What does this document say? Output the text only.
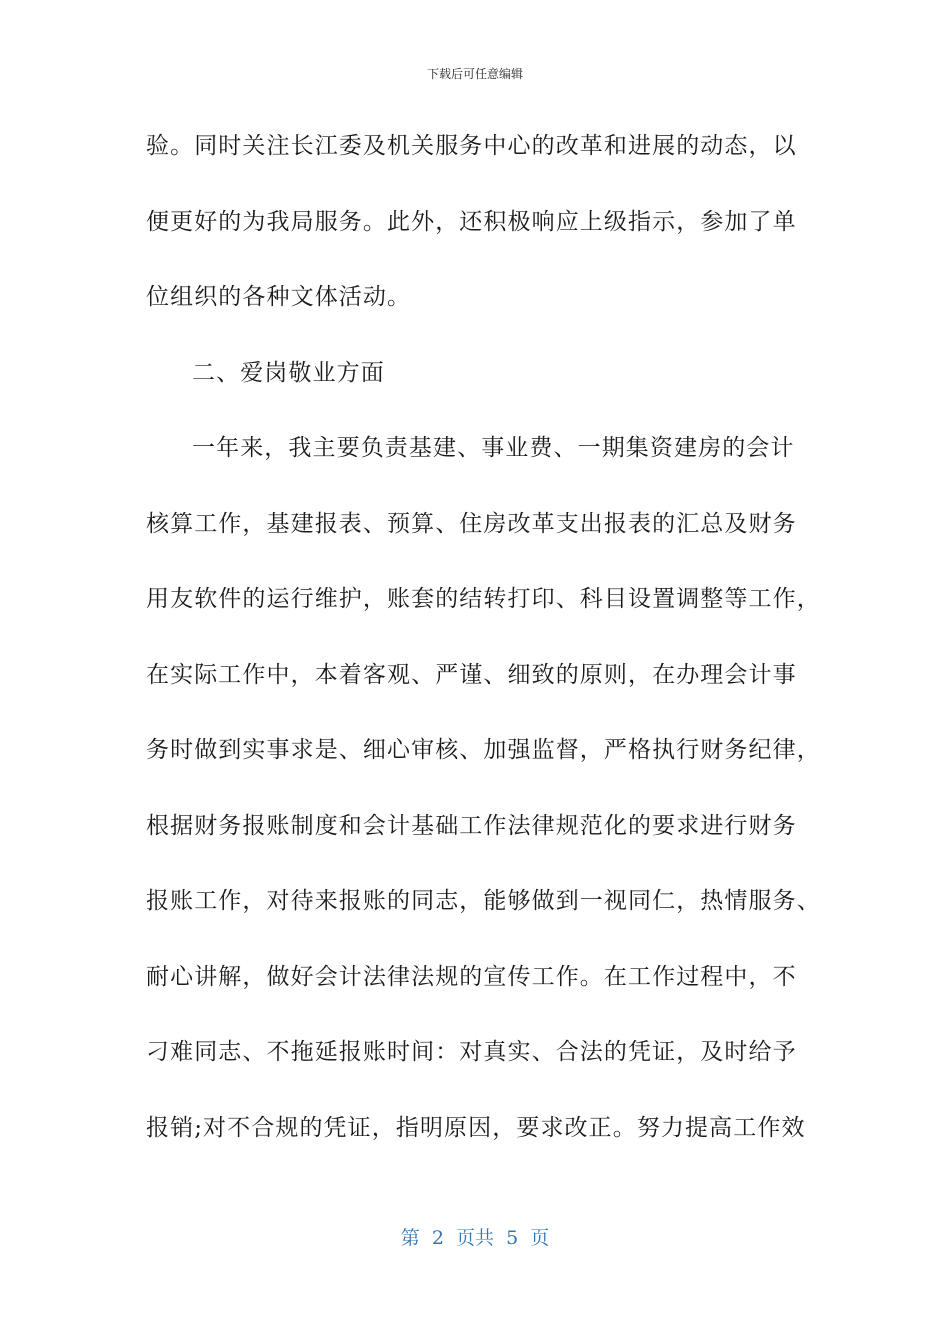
下载后可任意编辑
验。同时关注长江委及机关服务中心的改革和进展的动态，以
便更好的为我局服务。此外，还积极响应上级指示，参加了单
位组织的各种文体活动。
二、爱岗敬业方面
一年来，我主要负责基建、事业费、一期集资建房的会计
核算工作，基建报表、预算、住房改革支出报表的汇总及财务
用友软件的运行维护，账套的结转打印、科目设置调整等工作，
在实际工作中，本着客观、严谨、细致的原则，在办理会计事
务时做到实事求是、细心审核、加强监督，严格执行财务纪律，
根据财务报账制度和会计基础工作法律规范化的要求进行财务
报账工作，对待来报账的同志，能够做到一视同仁，热情服务、
耐心讲解，做好会计法律法规的宣传工作。在工作过程中，不
刁难同志、不拖延报账时间：对真实、合法的凭证，及时给予
报销;对不合规的凭证，指明原因，要求改正。努力提高工作效
第  2  页共  5  页
